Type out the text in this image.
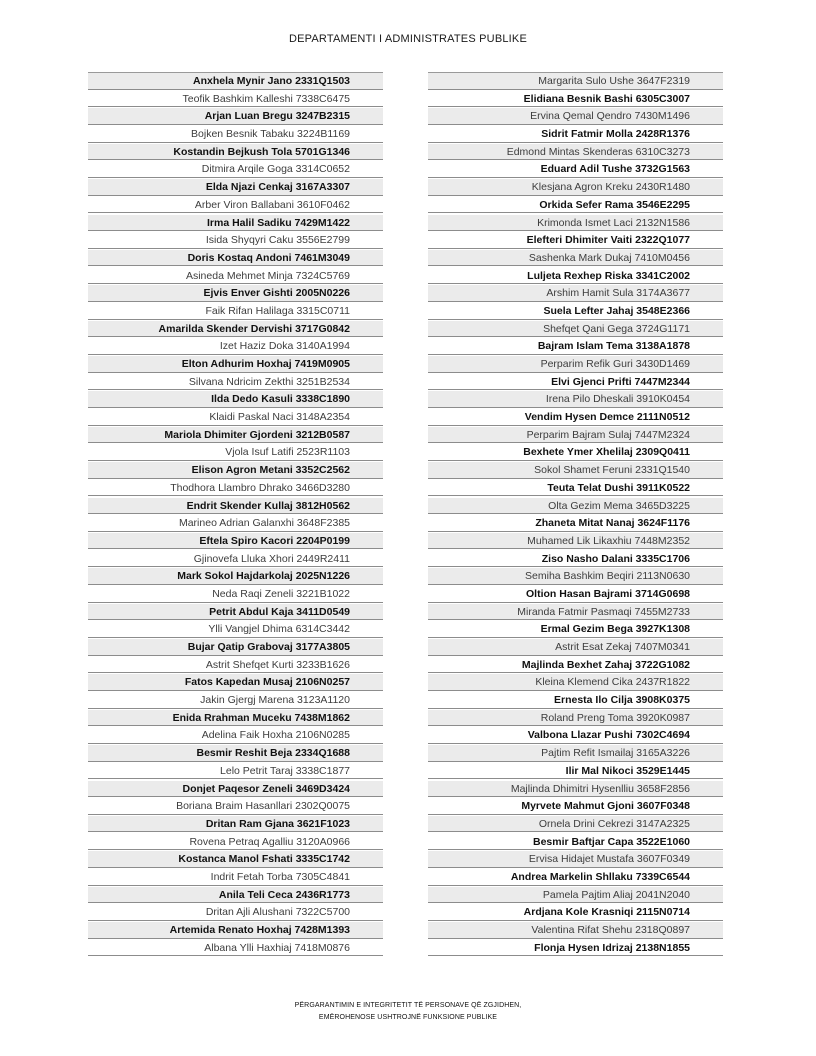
DEPARTAMENTI I ADMINISTRATES PUBLIKE
Anxhela Mynir Jano 2331Q1503
Teofik Bashkim Kalleshi 7338C6475
Arjan Luan Bregu 3247B2315
Bojken Besnik Tabaku 3224B1169
Kostandin Bejkush Tola 5701G1346
Ditmira Arqile Goga 3314C0652
Elda Njazi Cenkaj 3167A3307
Arber Viron Ballabani 3610F0462
Irma Halil Sadiku 7429M1422
Isida Shyqyri Caku 3556E2799
Doris Kostaq Andoni 7461M3049
Asineda Mehmet Minja 7324C5769
Ejvis Enver Gishti 2005N0226
Faik Rifan Halilaga 3315C0711
Amarilda Skender Dervishi 3717G0842
Izet Haziz Doka 3140A1994
Elton Adhurim Hoxhaj 7419M0905
Silvana Ndricim Zekthi 3251B2534
Ilda Dedo Kasuli 3338C1890
Klaidi Paskal Naci 3148A2354
Mariola Dhimiter Gjordeni 3212B0587
Vjola Isuf Latifi 2523R1103
Elison Agron Metani 3352C2562
Thodhora Llambro Dhrako 3466D3280
Endrit Skender Kullaj 3812H0562
Marineo Adrian Galanxhi 3648F2385
Eftela Spiro Kacori 2204P0199
Gjinovefa Lluka Xhori 2449R2411
Mark Sokol Hajdarkolaj 2025N1226
Neda Raqi Zeneli 3221B1022
Petrit Abdul Kaja 3411D0549
Ylli Vangjel Dhima 6314C3442
Bujar Qatip Grabovaj 3177A3805
Astrit Shefqet Kurti 3233B1626
Fatos Kapedan Musaj 2106N0257
Jakin Gjergj Marena 3123A1120
Enida Rrahman Muceku 7438M1862
Adelina Faik Hoxha 2106N0285
Besmir Reshit Beja 2334Q1688
Lelo Petrit Taraj 3338C1877
Donjet Paqesor Zeneli 3469D3424
Boriana Braim Hasanllari 2302Q0075
Dritan Ram Gjana 3621F1023
Rovena Petraq Agalliu 3120A0966
Kostanca Manol Fshati 3335C1742
Indrit Fetah Torba 7305C4841
Anila Teli Ceca 2436R1773
Dritan Ajli Alushani 7322C5700
Artemida Renato Hoxhaj 7428M1393
Albana Ylli Haxhiaj 7418M0876
Margarita Sulo Ushe 3647F2319
Elidiana Besnik Bashi 6305C3007
Ervina Qemal Qendro 7430M1496
Sidrit Fatmir Molla 2428R1376
Edmond Mintas Skenderas 6310C3273
Eduard Adil Tushe 3732G1563
Klesjana Agron Kreku 2430R1480
Orkida Sefer Rama 3546E2295
Krimonda Ismet Laci 2132N1586
Elefteri Dhimiter Vaiti 2322Q1077
Sashenka Mark Dukaj 7410M0456
Luljeta Rexhep Riska 3341C2002
Arshim Hamit Sula 3174A3677
Suela Lefter Jahaj 3548E2366
Shefqet Qani Gega 3724G1171
Bajram Islam Tema 3138A1878
Perparim Refik Guri 3430D1469
Elvi Gjenci Prifti 7447M2344
Irena Pilo Dheskali 3910K0454
Vendim Hysen Demce 2111N0512
Perparim Bajram Sulaj 7447M2324
Bexhete Ymer Xhelilaj 2309Q0411
Sokol Shamet Feruni 2331Q1540
Teuta Telat Dushi 3911K0522
Olta Gezim Mema 3465D3225
Zhaneta Mitat Nanaj 3624F1176
Muhamed Lik Likaxhiu 7448M2352
Ziso Nasho Dalani 3335C1706
Semiha Bashkim Beqiri 2113N0630
Oltion Hasan Bajrami 3714G0698
Miranda Fatmir Pasmaqi 7455M2733
Ermal Gezim Bega 3927K1308
Astrit Esat Zekaj 7407M0341
Majlinda Bexhet Zahaj 3722G1082
Kleina Klemend Cika 2437R1822
Ernesta Ilo Cilja 3908K0375
Roland Preng Toma 3920K0987
Valbona Llazar Pushi 7302C4694
Pajtim Refit Ismailaj 3165A3226
Ilir Mal Nikoci 3529E1445
Majlinda Dhimitri Hysenlliu 3658F2856
Myrvete Mahmut Gjoni 3607F0348
Ornela Drini Cekrezi 3147A2325
Besmir Baftjar Capa 3522E1060
Ervisa Hidajet Mustafa 3607F0349
Andrea Markelin Shllaku 7339C6544
Pamela Pajtim Aliaj 2041N2040
Ardjana Kole Krasniqi 2115N0714
Valentina Rifat Shehu 2318Q0897
Flonja Hysen Idrizaj 2138N1855
PËRGARANTIMIN E INTEGRITETIT TË PERSONAVE QË ZGJIDHEN,
EMËROHENOSE USHTROJNË FUNKSIONE PUBLIKE
